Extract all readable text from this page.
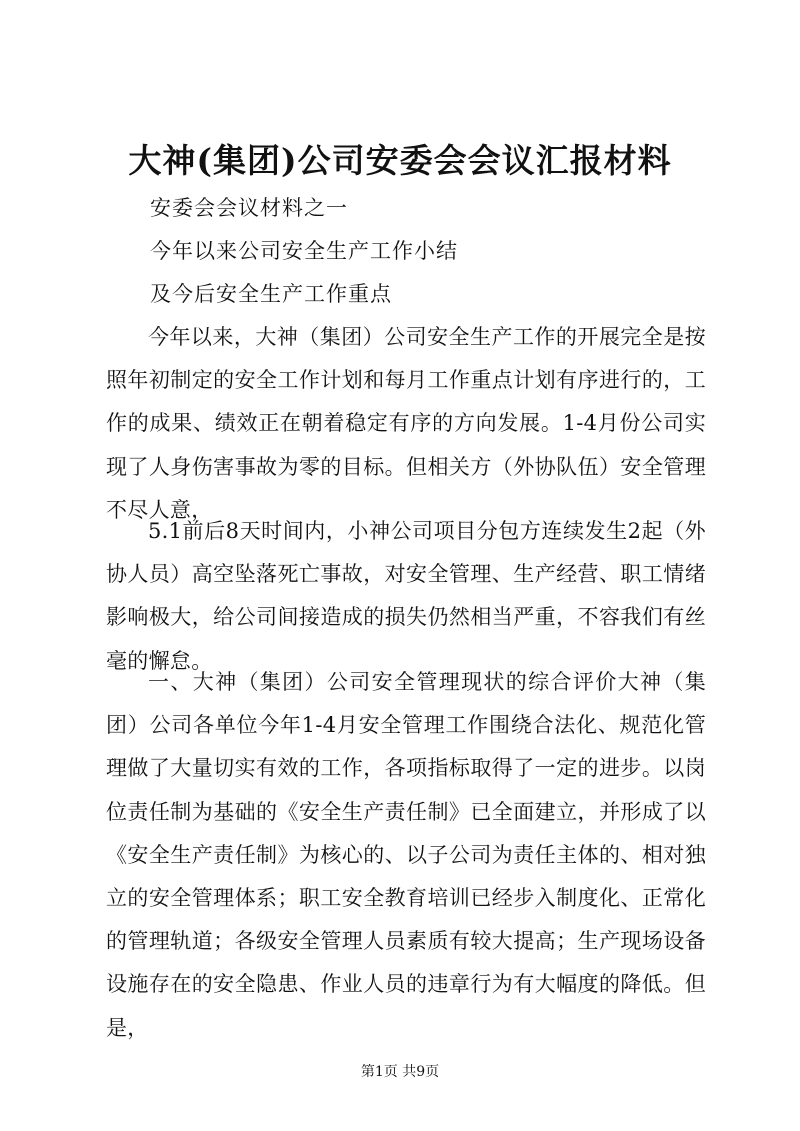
大神(集团)公司安委会会议汇报材料
安委会会议材料之一
今年以来公司安全生产工作小结
及今后安全生产工作重点

今年以来，大神（集团）公司安全生产工作的开展完全是按照年初制定的安全工作计划和每月工作重点计划有序进行的，工作的成果、绩效正在朝着稳定有序的方向发展。1-4月份公司实现了人身伤害事故为零的目标。但相关方（外协队伍）安全管理不尽人意，

5.1前后8天时间内，小神公司项目分包方连续发生2起（外协人员）高空坠落死亡事故，对安全管理、生产经营、职工情绪影响极大，给公司间接造成的损失仍然相当严重，不容我们有丝毫的懈怠。

一、大神（集团）公司安全管理现状的综合评价大神（集团）公司各单位今年1-4月安全管理工作围绕合法化、规范化管理做了大量切实有效的工作，各项指标取得了一定的进步。以岗位责任制为基础的《安全生产责任制》已全面建立，并形成了以《安全生产责任制》为核心的、以子公司为责任主体的、相对独立的安全管理体系；职工安全教育培训已经步入制度化、正常化的管理轨道；各级安全管理人员素质有较大提高；生产现场设备设施存在的安全隐患、作业人员的违章行为有大幅度的降低。但是，

第1页 共9页
